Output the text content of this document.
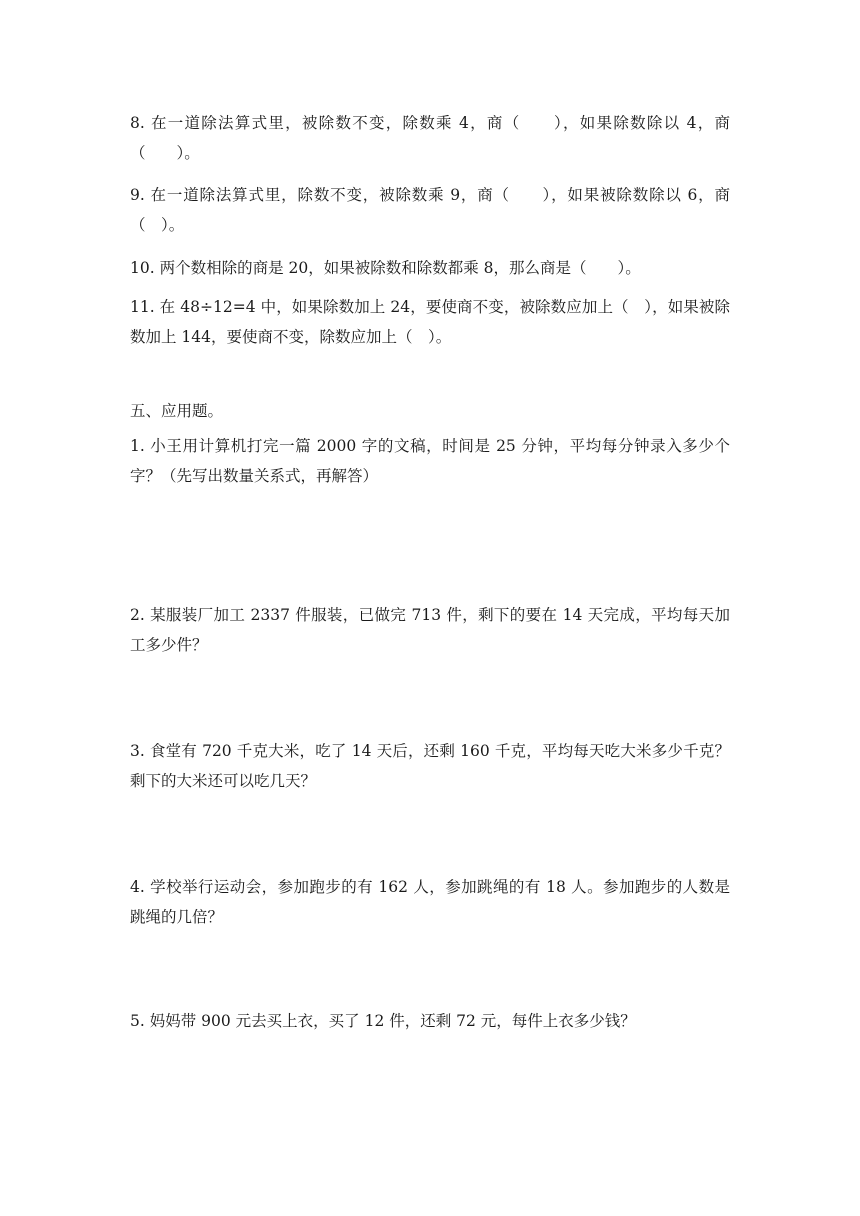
8. 在一道除法算式里，被除数不变，除数乘 4，商（　　），如果除数除以 4，商（　　）。

9. 在一道除法算式里，除数不变，被除数乘 9，商（　　），如果被除数除以 6，商（　）。

10. 两个数相除的商是 20，如果被除数和除数都乘 8，那么商是（　　）。

11. 在 48÷12=4 中，如果除数加上 24，要使商不变，被除数应加上（　），如果被除数加上 144，要使商不变，除数应加上（　）。

五、应用题。

1. 小王用计算机打完一篇 2000 字的文稿，时间是 25 分钟，平均每分钟录入多少个字？（先写出数量关系式，再解答）

2. 某服装厂加工 2337 件服装，已做完 713 件，剩下的要在 14 天完成，平均每天加工多少件？

3. 食堂有 720 千克大米，吃了 14 天后，还剩 160 千克，平均每天吃大米多少千克？剩下的大米还可以吃几天？

4. 学校举行运动会，参加跑步的有 162 人，参加跳绳的有 18 人。参加跑步的人数是跳绳的几倍？

5. 妈妈带 900 元去买上衣，买了 12 件，还剩 72 元，每件上衣多少钱？
